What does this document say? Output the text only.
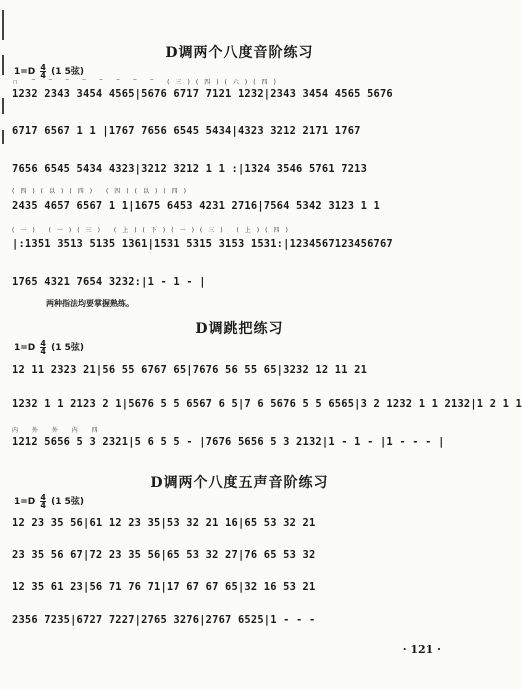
D调两个八度音阶练习
$1=D \frac{4}{4} (1$ 5弦)
ㄇ ‾ ‾ ‾ ‾ ‾ ‾ ‾ ‾ (三)(四)(六)(四)
1232 2343 3454 4565|5676 6717 7121 1232|2343 3454 4565 5676
6717 6567 1 1 |1767 7656 6545 5434|4323 3212 2171 1767
7656 6545 5434 4323|3212 3212 1 1 :|1324 3546 5761 7213
(四)(以)(四) (四)(以)(四)
2435 4657 6567 1 1|1675 6453 4231 2716|7564 5342 3123 1 1
(一) (一)(三) (上)(下)(一)(三) (上)(四)
|:1351 3513 5135 1361|1531 5315 3153 1531:|1234567123456767
1765 4321 7654 3232:|1 - 1 - |
两种指法均要掌握熟练。
D调跳把练习
$1=D \frac{4}{4} (1$ 5弦)
12 11 2323 21|56 55 6767 65|7676 56 55 65|3232 12 11 21
1232 1 1 2123 2 1|5676 5 5 6567 6 5|7 6 5676 5 5 6565|3 2 1232 1 1 2132|1 2 1 1
内 外 外 内 四
1212 5656 5 3 2321|5 6 5 5 - |7676 5656 5 3 2132|1 - 1 - |1 - - - |
D调两个八度五声音阶练习
$1=D \frac{4}{4} (1$ 5弦)
12 23 35 56|61 12 23 35|53 32 21 16|65 53 32 21
23 35 56 67|72 23 35 56|65 53 32 27|76 65 53 32
12 35 61 23|56 71 76 71|17 67 67 65|32 16 53 21
2356 7235|6727 7227|2765 3276|2767 6525|1 - - -
· 121 ·
